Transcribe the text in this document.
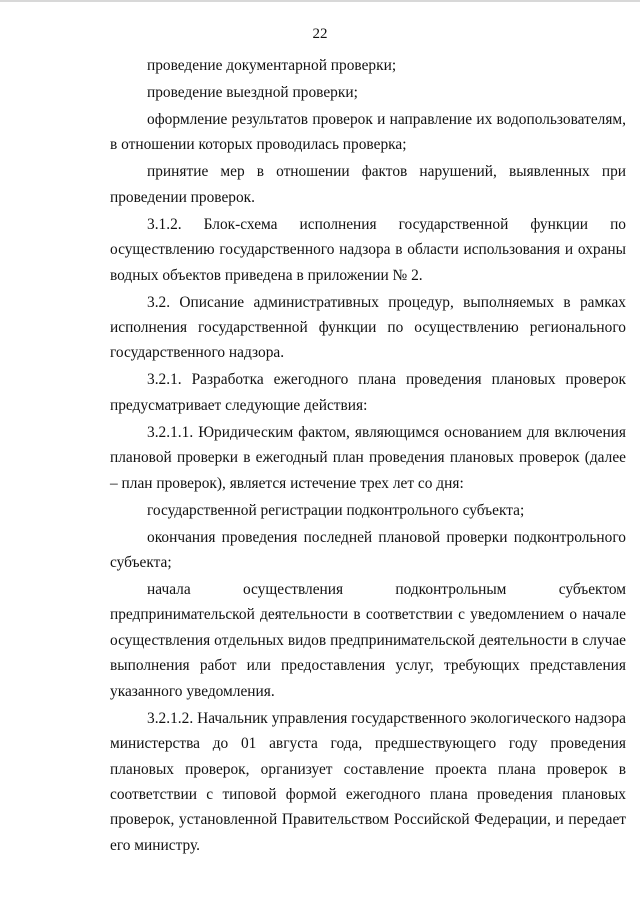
22

проведение документарной проверки;

проведение выездной проверки;

оформление результатов проверок и направление их водопользователям, в отношении которых проводилась проверка;

принятие мер в отношении фактов нарушений, выявленных при проведении проверок.

3.1.2. Блок-схема исполнения государственной функции по осуществлению государственного надзора в области использования и охраны водных объектов приведена в приложении № 2.

3.2. Описание административных процедур, выполняемых в рамках исполнения государственной функции по осуществлению регионального государственного надзора.

3.2.1. Разработка ежегодного плана проведения плановых проверок предусматривает следующие действия:

3.2.1.1. Юридическим фактом, являющимся основанием для включения плановой проверки в ежегодный план проведения плановых проверок (далее – план проверок), является истечение трех лет со дня:

государственной регистрации подконтрольного субъекта;

окончания проведения последней плановой проверки подконтрольного субъекта;

начала осуществления подконтрольным субъектом предпринимательской деятельности в соответствии с уведомлением о начале осуществления отдельных видов предпринимательской деятельности в случае выполнения работ или предоставления услуг, требующих представления указанного уведомления.

3.2.1.2. Начальник управления государственного экологического надзора министерства до 01 августа года, предшествующего году проведения плановых проверок, организует составление проекта плана проверок в соответствии с типовой формой ежегодного плана проведения плановых проверок, установленной Правительством Российской Федерации, и передает его министру.
